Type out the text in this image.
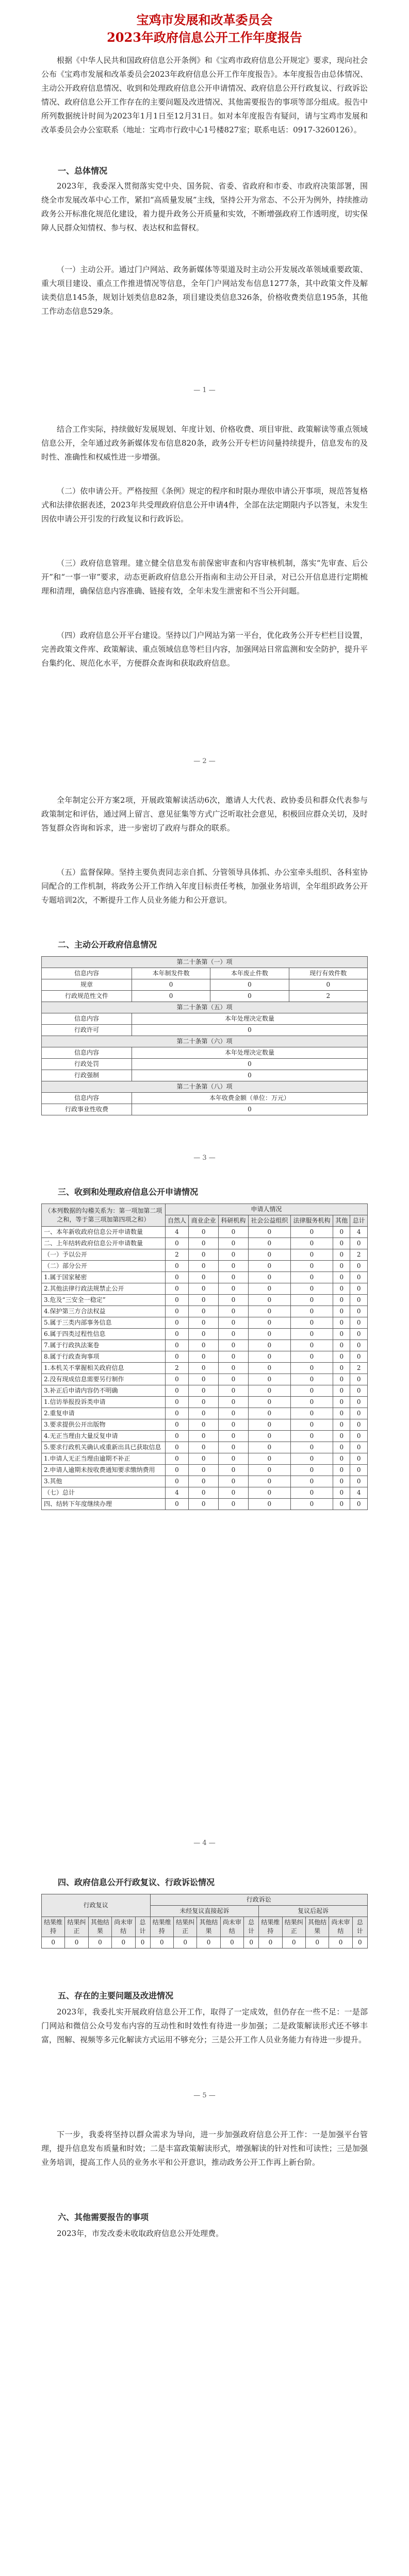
宝鸡市发展和改革委员会
2023年政府信息公开工作年度报告
根据《中华人民共和国政府信息公开条例》和《宝鸡市政府信息公开规定》要求，现向社会公布《宝鸡市发展和改革委员会2023年政府信息公开工作年度报告》。本年度报告由总体情况、主动公开政府信息情况、收到和处理政府信息公开申请情况、政府信息公开行政复议、行政诉讼情况、政府信息公开工作存在的主要问题及改进情况、其他需要报告的事项等部分组成。报告中所列数据统计时间为2023年1月1日至12月31日。如对本年度报告有疑问，请与宝鸡市发展和改革委员会办公室联系（地址：宝鸡市行政中心1号楼827室；联系电话：0917-3260126）。
一、总体情况
2023年，我委深入贯彻落实党中央、国务院、省委、省政府和市委、市政府决策部署，围绕全市发展改革中心工作，紧扣“高质量发展”主线，坚持公开为常态、不公开为例外，持续推动政务公开标准化规范化建设，着力提升政务公开质量和实效，不断增强政府工作透明度，切实保障人民群众知情权、参与权、表达权和监督权。
（一）主动公开。通过门户网站、政务新媒体等渠道及时主动公开发展改革领域重要政策、重大项目建设、重点工作推进情况等信息，全年门户网站发布信息1277条，其中政策文件及解读类信息145条，规划计划类信息82条，项目建设类信息326条，价格收费类信息195条，其他工作动态信息529条。
— 1 —
结合工作实际，持续做好发展规划、年度计划、价格收费、项目审批、政策解读等重点领域信息公开，全年通过政务新媒体发布信息820条，政务公开专栏访问量持续提升，信息发布的及时性、准确性和权威性进一步增强。
（二）依申请公开。严格按照《条例》规定的程序和时限办理依申请公开事项，规范答复格式和法律依据表述，2023年共受理政府信息公开申请4件，全部在法定期限内予以答复，未发生因依申请公开引发的行政复议和行政诉讼。
（三）政府信息管理。建立健全信息发布前保密审查和内容审核机制，落实“先审查、后公开”和“一事一审”要求，动态更新政府信息公开指南和主动公开目录，对已公开信息进行定期梳理和清理，确保信息内容准确、链接有效，全年未发生泄密和不当公开问题。
（四）政府信息公开平台建设。坚持以门户网站为第一平台，优化政务公开专栏栏目设置，完善政策文件库、政策解读、重点领域信息等栏目内容，加强网站日常监测和安全防护，提升平台集约化、规范化水平，方便群众查询和获取政府信息。
— 2 —
全年制定公开方案2项，开展政策解读活动6次，邀请人大代表、政协委员和群众代表参与政策制定和评估，通过网上留言、意见征集等方式广泛听取社会意见，积极回应群众关切，及时答复群众咨询和诉求，进一步密切了政府与群众的联系。
（五）监督保障。坚持主要负责同志亲自抓、分管领导具体抓、办公室牵头组织、各科室协同配合的工作机制，将政务公开工作纳入年度目标责任考核，加强业务培训，全年组织政务公开专题培训2次，不断提升工作人员业务能力和公开意识。
二、主动公开政府信息情况
第二十条第（一）项			
信息内容	本年制发件数	本年废止件数	现行有效件数
规章	0	0	0
行政规范性文件	0	0	2
第二十条第（五）项			
信息内容	本年处理决定数量		
行政许可	0		
第二十条第（六）项			
信息内容	本年处理决定数量		
行政处罚	0		
行政强制	0		
第二十条第（八）项			
信息内容	本年收费金额（单位：万元）		
行政事业性收费	0		
— 3 —
三、收到和处理政府信息公开申请情况
（本列数据的勾稽关系为：第一项加第二项之和，等于第三项加第四项之和）	申请人情况						
	自然人	商业企业	科研机构	社会公益组织	法律服务机构	其他	总计
一、本年新收政府信息公开申请数量	4	0	0	0	0	0	4
二、上年结转政府信息公开申请数量	0	0	0	0	0	0	0
（一）予以公开	2	0	0	0	0	0	2
（二）部分公开	0	0	0	0	0	0	0
1.属于国家秘密	0	0	0	0	0	0	0
2.其他法律行政法规禁止公开	0	0	0	0	0	0	0
3.危及“三安全一稳定”	0	0	0	0	0	0	0
4.保护第三方合法权益	0	0	0	0	0	0	0
5.属于三类内部事务信息	0	0	0	0	0	0	0
6.属于四类过程性信息	0	0	0	0	0	0	0
7.属于行政执法案卷	0	0	0	0	0	0	0
8.属于行政查询事项	0	0	0	0	0	0	0
1.本机关不掌握相关政府信息	2	0	0	0	0	0	2
2.没有现成信息需要另行制作	0	0	0	0	0	0	0
3.补正后申请内容仍不明确	0	0	0	0	0	0	0
1.信访举报投诉类申请	0	0	0	0	0	0	0
2.重复申请	0	0	0	0	0	0	0
3.要求提供公开出版物	0	0	0	0	0	0	0
4.无正当理由大量反复申请	0	0	0	0	0	0	0
5.要求行政机关确认或重新出具已获取信息	0	0	0	0	0	0	0
1.申请人无正当理由逾期不补正	0	0	0	0	0	0	0
2.申请人逾期未按收费通知要求缴纳费用	0	0	0	0	0	0	0
3.其他	0	0	0	0	0	0	0
（七）总计	4	0	0	0	0	0	4
四、结转下年度继续办理	0	0	0	0	0	0	0
— 4 —
四、政府信息公开行政复议、行政诉讼情况
行政复议					行政诉讼									
					未经复议直接起诉					复议后起诉				
结果维持	结果纠正	其他结果	尚未审结	总计	结果维持	结果纠正	其他结果	尚未审结	总计	结果维持	结果纠正	其他结果	尚未审结	总计
0	0	0	0	0	0	0	0	0	0	0	0	0	0	0
五、存在的主要问题及改进情况
2023年，我委扎实开展政府信息公开工作，取得了一定成效，但仍存在一些不足：一是部门网站和微信公众号发布内容的互动性和时效性有待进一步加强；二是政策解读形式还不够丰富，图解、视频等多元化解读方式运用不够充分；三是公开工作人员业务能力有待进一步提升。
— 5 —
下一步，我委将坚持以群众需求为导向，进一步加强政府信息公开工作：一是加强平台管理，提升信息发布质量和时效；二是丰富政策解读形式，增强解读的针对性和可读性；三是加强业务培训，提高工作人员的业务水平和公开意识，推动政务公开工作再上新台阶。
六、其他需要报告的事项
2023年，市发改委未收取政府信息公开处理费。
